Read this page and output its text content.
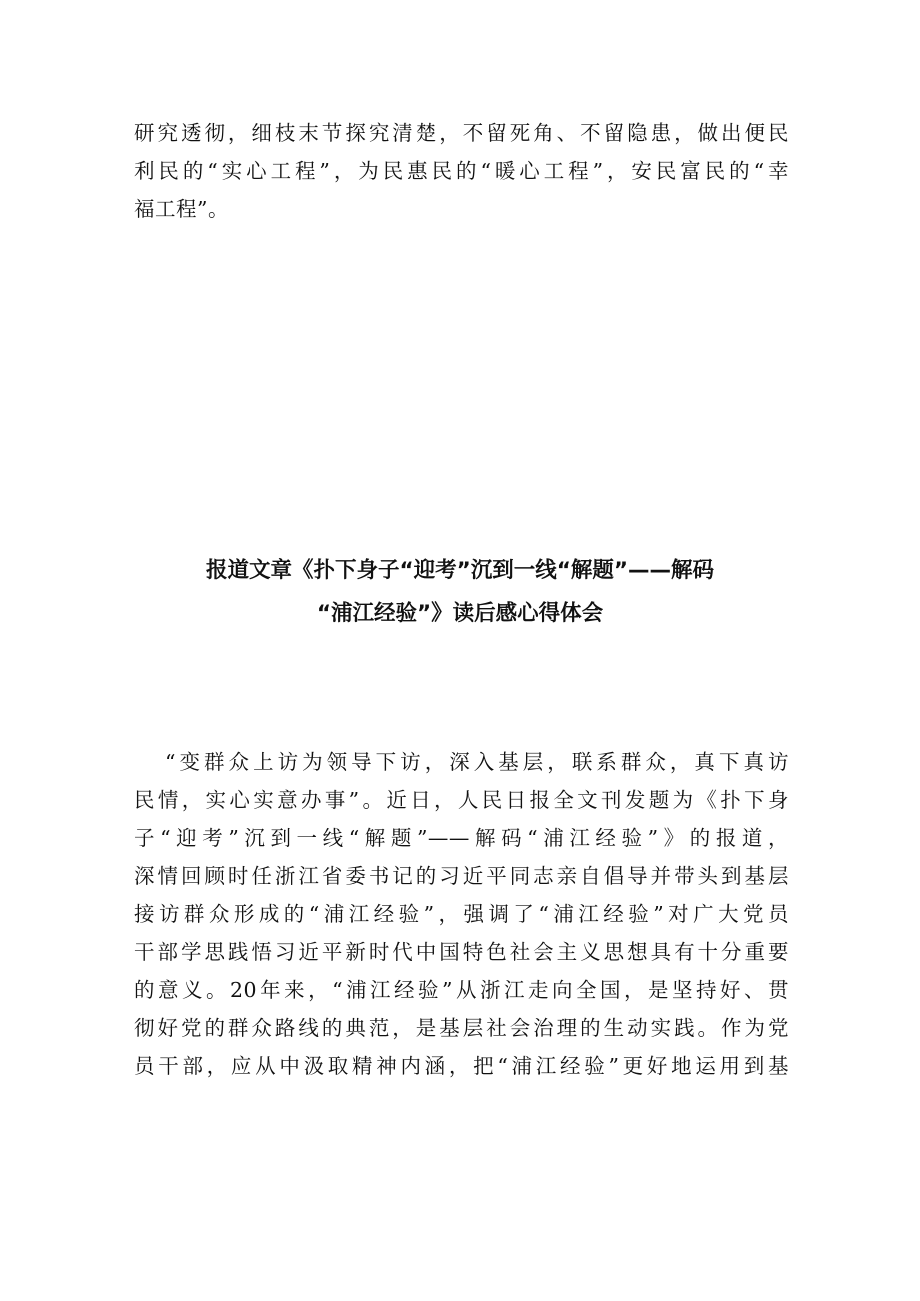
研究透彻，细枝末节探究清楚，不留死角、不留隐患，做出便民
利民的“实心工程”，为民惠民的“暖心工程”，安民富民的“幸
福工程”。
报道文章《扑下身子“迎考”沉到一线“解题”——解码
“浦江经验”》读后感心得体会
“变群众上访为领导下访，深入基层，联系群众，真下真访
民情，实心实意办事”。近日，人民日报全文刊发题为《扑下身
子“迎考”沉到一线“解题”——解码“浦江经验”》的报道，
深情回顾时任浙江省委书记的习近平同志亲自倡导并带头到基层
接访群众形成的“浦江经验”，强调了“浦江经验”对广大党员
干部学思践悟习近平新时代中国特色社会主义思想具有十分重要
的意义。20年来，“浦江经验”从浙江走向全国，是坚持好、贯
彻好党的群众路线的典范，是基层社会治理的生动实践。作为党
员干部，应从中汲取精神内涵，把“浦江经验”更好地运用到基
